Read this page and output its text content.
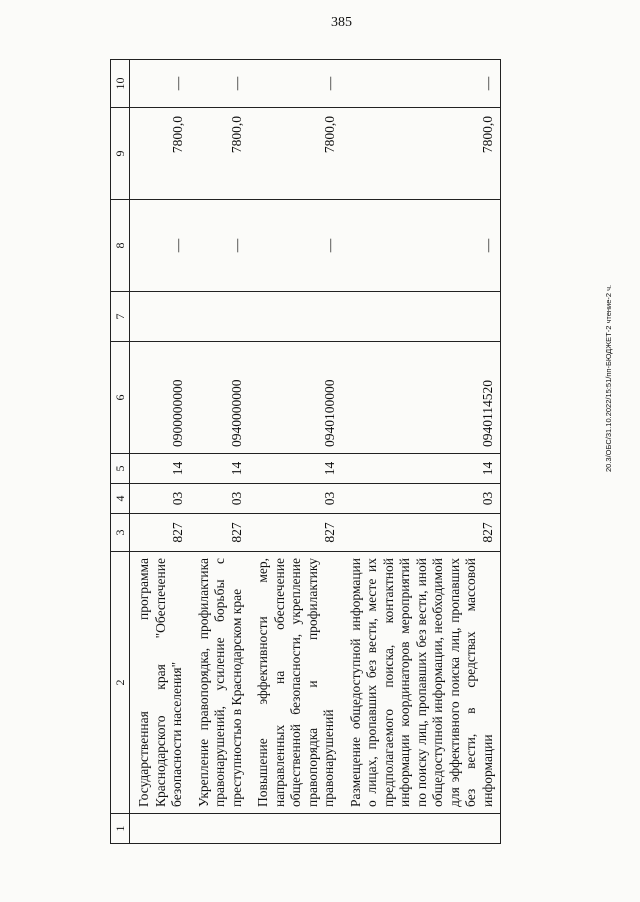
385
1	2	3	4	5	6	7	8	9	10
	Государственная программа Краснодарского края "Обеспечение безопасности населения"	827	03	14	0900000000		—	7800,0	—
	Укрепление правопорядка, профилактика правонарушений, усиление борьбы с преступностью в Краснодарском крае	827	03	14	0940000000		—	7800,0	—
	Повышение эффективности мер, направленных на обеспечение общественной безопасности, укрепление правопорядка и профилактику правонарушений	827	03	14	0940100000		—	7800,0	—
	Размещение общедоступной информации о лицах, пропавших без вести, месте их предполагаемого поиска, контактной информации координаторов мероприятий по поиску лиц, пропавших без вести, иной общедоступной информации, необходимой для эффективного поиска лиц, пропавших без вести, в средствах массовой информации	827	03	14	0940114520		—	7800,0	—
20.3/ОБС/31.10.2022/15:51/пп-БЮДЖЕТ-2 чтение-2 ч.
